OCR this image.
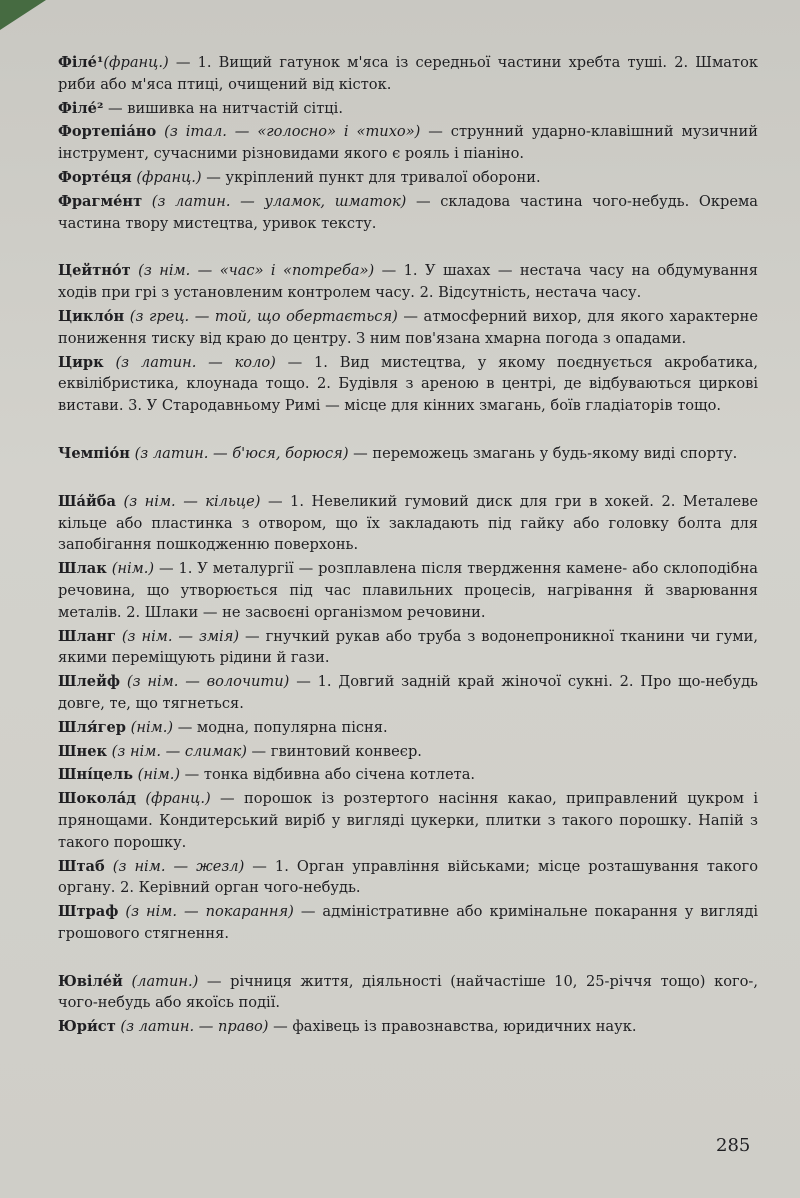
Філе́¹(франц.) — 1. Вищий гатунок м'яса із середньої частини хребта туші. 2. Шматок риби або м'яса птиці, очищений від кісток.

Філе́² — вишивка на нитчастій сітці.

Фортепіа́но (з італ. — «голосно» і «тихо») — струнний ударно-клавішний музичний інструмент, сучасними різновидами якого є рояль і піаніно.

Форте́ця (франц.) — укріплений пункт для тривалої оборони.

Фрагме́нт (з латин. — уламок, шматок) — складова частина чого-небудь. Окрема частина твору мистецтва, уривок тексту.

Цейтно́т (з нім. — «час» і «потреба») — 1. У шахах — нестача часу на обдумування ходів при грі з установленим контролем часу. 2. Відсутність, нестача часу.

Цикло́н (з грец. — той, що обертається) — атмосферний вихор, для якого характерне пониження тиску від краю до центру. З ним пов'язана хмарна погода з опадами.

Цирк (з латин. — коло) — 1. Вид мистецтва, у якому поєднується акробатика, еквілібристика, клоунада тощо. 2. Будівля з ареною в центрі, де відбуваються циркові вистави. 3. У Стародавньому Римі — місце для кінних змагань, боїв гладіаторів тощо.

Чемпіо́н (з латин. — б'юся, борюся) — переможець змагань у будь-якому виді спорту.

Ша́йба (з нім. — кільце) — 1. Невеликий гумовий диск для гри в хокей. 2. Металеве кільце або пластинка з отвором, що їх закладають під гайку або головку болта для запобігання пошкодженню поверхонь.

Шлак (нім.) — 1. У металургії — розплавлена після твердження камене- або склоподібна речовина, що утворюється під час плавильних процесів, нагрівання й зварювання металів. 2. Шлаки — не засвоєні організмом речовини.

Шланг (з нім. — змія) — гнучкий рукав або труба з водонепроникної тканини чи гуми, якими переміщують рідини й гази.

Шлейф (з нім. — волочити) — 1. Довгий задній край жіночої сукні. 2. Про що-небудь довге, те, що тягнеться.

Шля́гер (нім.) — модна, популярна пісня.

Шнек (з нім. — слимак) — гвинтовий конвеєр.

Шні́цель (нім.) — тонка відбивна або січена котлета.

Шокола́д (франц.) — порошок із розтертого насіння какао, приправлений цукром і прянощами. Кондитерський виріб у вигляді цукерки, плитки з такого порошку. Напій з такого порошку.

Штаб (з нім. — жезл) — 1. Орган управління військами; місце розташування такого органу. 2. Керівний орган чого-небудь.

Штраф (з нім. — покарання) — адміністративне або кримінальне покарання у вигляді грошового стягнення.

Ювіле́й (латин.) — річниця життя, діяльності (найчастіше 10, 25-річчя тощо) кого-, чого-небудь або якоїсь події.

Юри́ст (з латин. — право) — фахівець із правознавства, юридичних наук.

285
